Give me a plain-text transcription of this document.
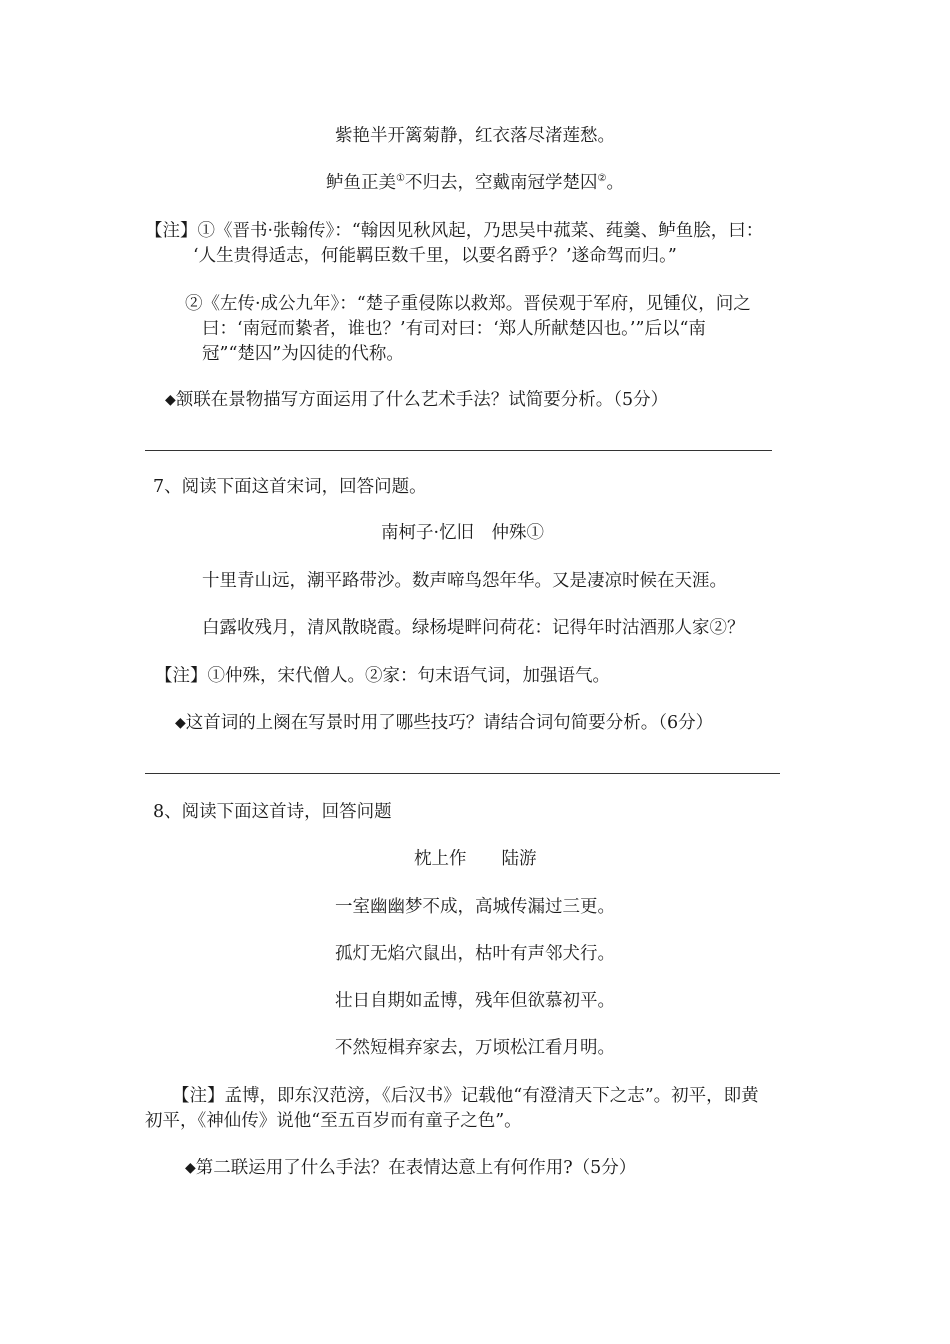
紫艳半开篱菊静，红衣落尽渚莲愁。
鲈鱼正美①不归去，空戴南冠学楚囚②。
【注】①《晋书·张翰传》：“翰因见秋风起，乃思吴中菰菜、莼羹、鲈鱼脍，曰：
‘人生贵得适志，何能羁臣数千里，以要名爵乎？’遂命驾而归。”
②《左传·成公九年》：“楚子重侵陈以救郑。晋侯观于军府，见锺仪，问之
曰：‘南冠而絷者，谁也？’有司对曰：‘郑人所献楚囚也。’”后以“南
冠”“楚囚”为囚徒的代称。
◆颔联在景物描写方面运用了什么艺术手法？试简要分析。（5分）
7、阅读下面这首宋词，回答问题。
南柯子·忆旧　仲殊①
十里青山远，潮平路带沙。数声啼鸟怨年华。又是凄凉时候在天涯。
白露收残月，清风散晓霞。绿杨堤畔问荷花：记得年时沽酒那人家②？
【注】①仲殊，宋代僧人。②家：句末语气词，加强语气。
◆这首词的上阕在写景时用了哪些技巧？请结合词句简要分析。（6分）
8、阅读下面这首诗，回答问题
枕上作　　陆游
一室幽幽梦不成，高城传漏过三更。
孤灯无焰穴鼠出，枯叶有声邻犬行。
壮日自期如孟博，残年但欲慕初平。
不然短楫弃家去，万顷松江看月明。
【注】孟博，即东汉范滂，《后汉书》记载他“有澄清天下之志”。初平，即黄
初平，《神仙传》说他“至五百岁而有童子之色”。
◆第二联运用了什么手法？在表情达意上有何作用?（5分）
